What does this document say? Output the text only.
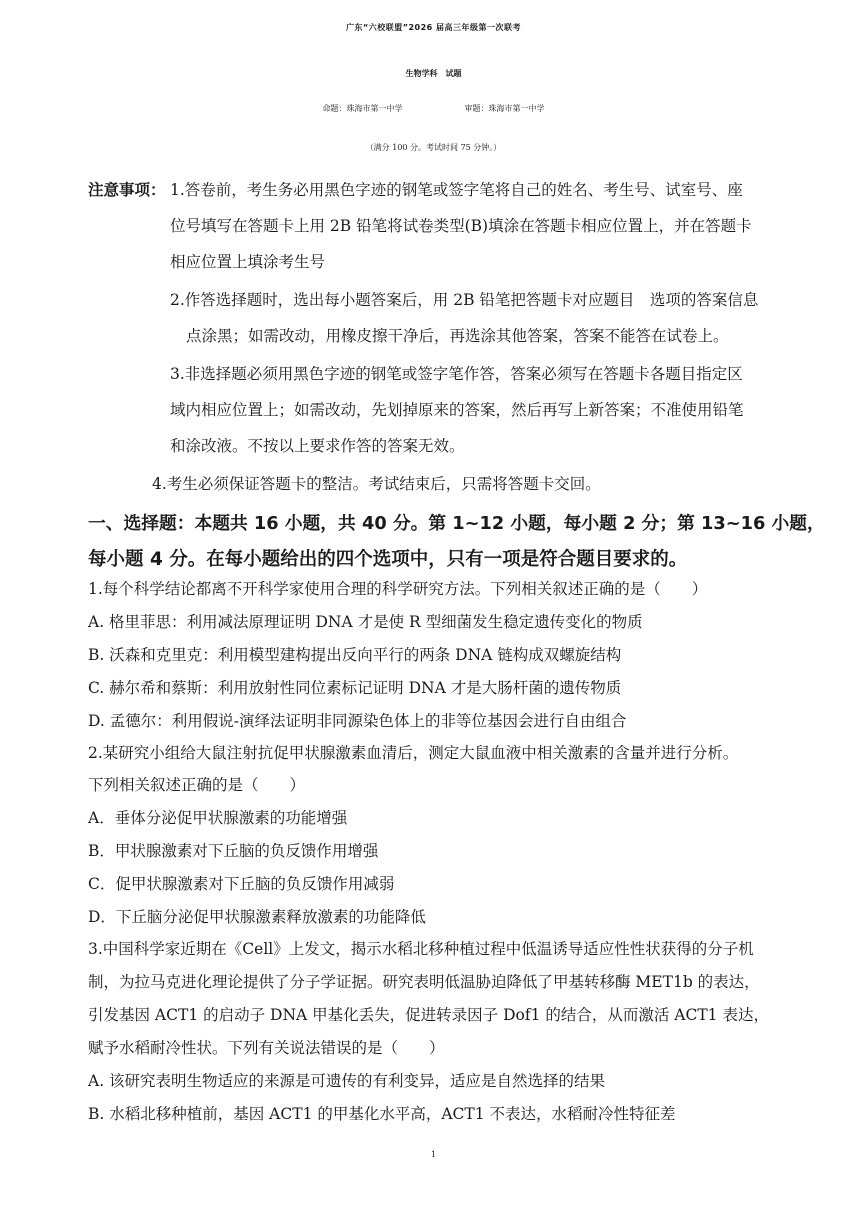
广东“六校联盟”2026 届高三年级第一次联考
生物学科　试题
命题：珠海市第一中学	审题：珠海市第一中学
（满分 100 分。考试时间 75 分钟。）
注意事项： 1.答卷前，考生务必用黑色字迹的钢笔或签字笔将自己的姓名、考生号、试室号、座
位号填写在答题卡上用 2B 铅笔将试卷类型(B)填涂在答题卡相应位置上，并在答题卡
相应位置上填涂考生号
2.作答选择题时，选出每小题答案后，用 2B 铅笔把答题卡对应题目　选项的答案信息
点涂黑；如需改动，用橡皮擦干净后，再选涂其他答案，答案不能答在试卷上。
3.非选择题必须用黑色字迹的钢笔或签字笔作答，答案必须写在答题卡各题目指定区
域内相应位置上；如需改动，先划掉原来的答案，然后再写上新答案；不准使用铅笔
和涂改液。不按以上要求作答的答案无效。
4.考生必须保证答题卡的整洁。考试结束后，只需将答题卡交回。
一、选择题：本题共 16 小题，共 40 分。第 1~12 小题，每小题 2 分；第 13~16 小题，
每小题 4 分。在每小题给出的四个选项中，只有一项是符合题目要求的。
1.每个科学结论都离不开科学家使用合理的科学研究方法。下列相关叙述正确的是（　　）
A. 格里菲思：利用减法原理证明 DNA 才是使 R 型细菌发生稳定遗传变化的物质
B. 沃森和克里克：利用模型建构提出反向平行的两条 DNA 链构成双螺旋结构
C. 赫尔希和蔡斯：利用放射性同位素标记证明 DNA 才是大肠杆菌的遗传物质
D. 孟德尔：利用假说-演绎法证明非同源染色体上的非等位基因会进行自由组合
2.某研究小组给大鼠注射抗促甲状腺激素血清后，测定大鼠血液中相关激素的含量并进行分析。
下列相关叙述正确的是（　　）
A．垂体分泌促甲状腺激素的功能增强
B．甲状腺激素对下丘脑的负反馈作用增强
C．促甲状腺激素对下丘脑的负反馈作用减弱
D．下丘脑分泌促甲状腺激素释放激素的功能降低
3.中国科学家近期在《Cell》上发文，揭示水稻北移种植过程中低温诱导适应性性状获得的分子机
制，为拉马克进化理论提供了分子学证据。研究表明低温胁迫降低了甲基转移酶 MET1b 的表达，
引发基因 ACT1 的启动子 DNA 甲基化丢失，促进转录因子 Dof1 的结合，从而激活 ACT1 表达，
赋予水稻耐冷性状。下列有关说法错误的是（　　）
A. 该研究表明生物适应的来源是可遗传的有利变异，适应是自然选择的结果
B. 水稻北移种植前，基因 ACT1 的甲基化水平高，ACT1 不表达，水稻耐冷性特征差
1
